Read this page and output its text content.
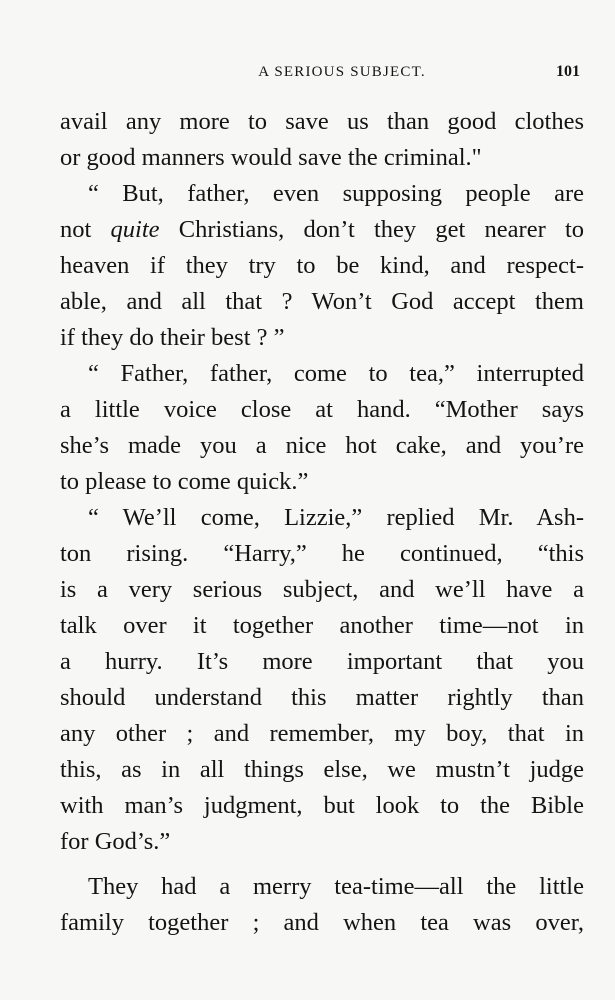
A SERIOUS SUBJECT.	101
avail any more to save us than good clothes
or good manners would save the criminal."
“ But, father, even supposing people are
not quite Christians, don’t they get nearer to
heaven if they try to be kind, and respect-
able, and all that ? Won’t God accept them
if they do their best ? ”
“ Father, father, come to tea,” interrupted
a little voice close at hand. “Mother says
she’s made you a nice hot cake, and you’re
to please to come quick.”
“ We’ll come, Lizzie,” replied Mr. Ash-
ton rising. “Harry,” he continued, “this
is a very serious subject, and we’ll have a
talk over it together another time—not in
a hurry. It’s more important that you
should understand this matter rightly than
any other ; and remember, my boy, that in
this, as in all things else, we mustn’t judge
with man’s judgment, but look to the Bible
for God’s.”
They had a merry tea-time—all the little
family together ; and when tea was over,
